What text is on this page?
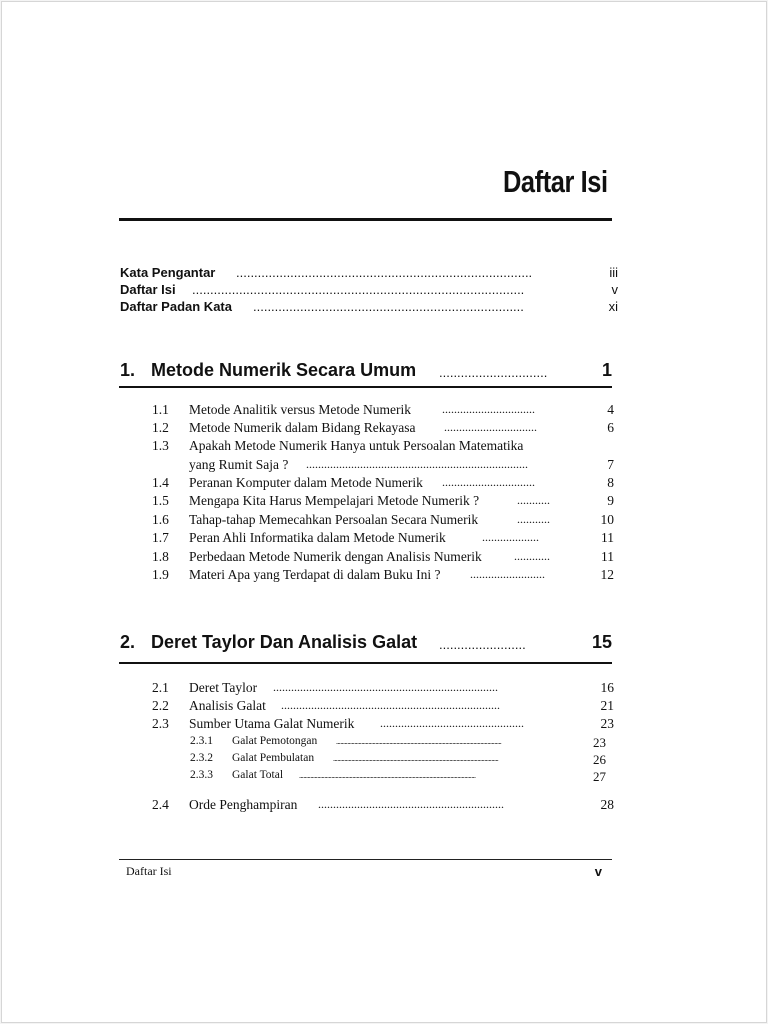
Daftar Isi
Kata Pengantar ..................................................................................	iii
Daftar Isi ............................................................................................	v
Daftar Padan Kata ...........................................................................	xi
1. Metode Numerik Secara Umum ..............................	1
1.1 Metode Analitik versus Metode Numerik	...............................	4
1.2 Metode Numerik dalam Bidang Rekayasa ...............................	6
1.3 Apakah Metode Numerik Hanya untuk Persoalan Matematika
yang Rumit Saja ? ..........................................................................	7
1.4 Peranan Komputer dalam Metode Numerik ...............................	8
1.5 Mengapa Kita Harus Mempelajari Metode Numerik ?	...........	9
1.6 Tahap-tahap Memecahkan Persoalan Secara Numerik	...........	10
1.7 Peran Ahli Informatika dalam Metode Numerik	...................	11
1.8 Perbedaan Metode Numerik dengan Analisis Numerik	............	11
1.9 Materi Apa yang Terdapat di dalam Buku Ini ? .........................	12
2. Deret Taylor Dan Analisis Galat ........................	15
2.1 Deret Taylor ...........................................................................	16
2.2 Analisis Galat .........................................................................	21
2.3 Sumber Utama Galat Numerik ................................................	23
2.3.1 Galat Pemotongan ......................................................................................................................	23
2.3.2 Galat Pembulatan ......................................................................................................................	26
2.3.3 Galat Total ..............................................................................................................................	27
2.4 Orde Penghampiran ..............................................................	28
Daftar Isi	v
